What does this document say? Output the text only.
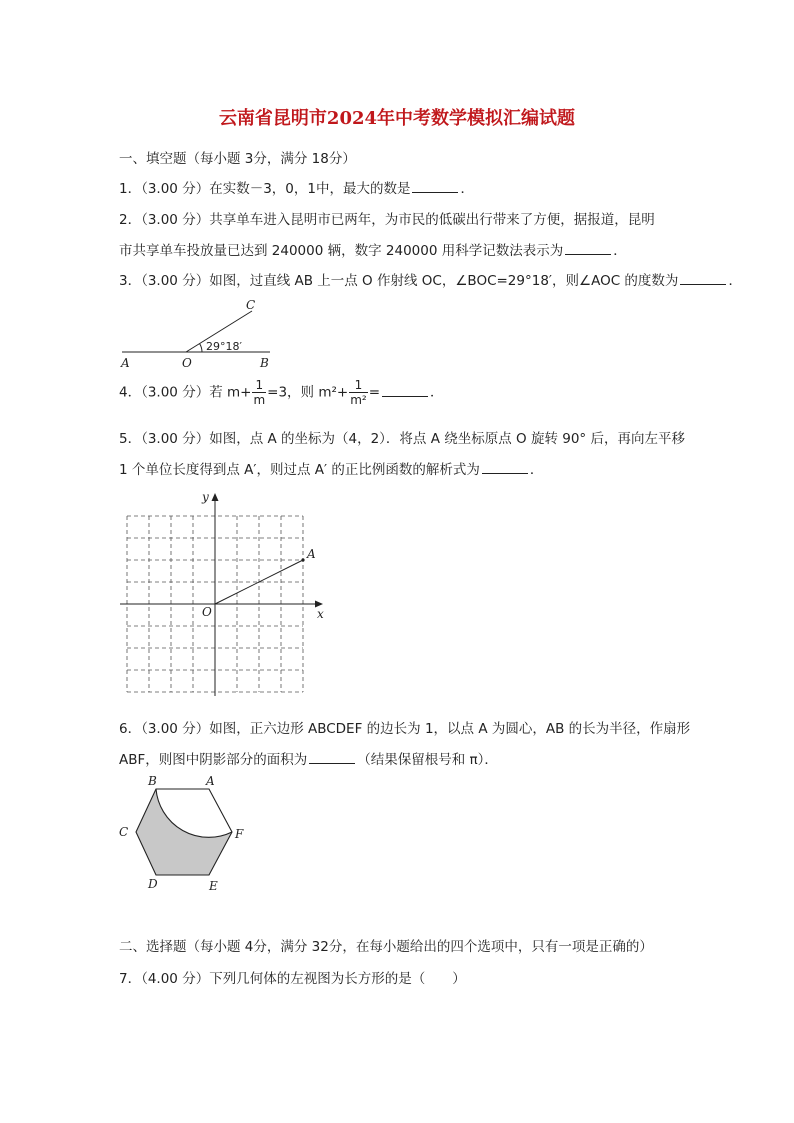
云南省昆明市2024年中考数学模拟汇编试题
一、填空题（每小题 3分，满分 18分）
1．（3.00 分）在实数－3，0，1中，最大的数是	．
2．（3.00 分）共享单车进入昆明市已两年，为市民的低碳出行带来了方便，据报道，昆明
市共享单车投放量已达到 240000 辆，数字 240000 用科学记数法表示为	．
3．（3.00 分）如图，过直线 AB 上一点 O 作射线 OC，∠BOC=29°18′，则∠AOC 的度数为	．
A	O	B
C
29°18′
4．（3.00 分）若 $m+ \frac{1}{m} =3$，则 $m^2+ \frac{1}{\text{m²}}$ =	．
5．（3.00 分）如图，点 A 的坐标为（4，2）．将点 A 绕坐标原点 O 旋转 90° 后，再向左平移
1 个单位长度得到点 A′，则过点 A′ 的正比例函数的解析式为	．
y
x
O
A
6．（3.00 分）如图，正六边形 ABCDEF 的边长为 1，以点 A 为圆心，AB 的长为半径，作扇形
ABF，则图中阴影部分的面积为	（结果保留根号和 π）．
B	A
C	F
D	E
二、选择题（每小题 4分，满分 32分，在每小题给出的四个选项中，只有一项是正确的）
7．（4.00 分）下列几何体的左视图为长方形的是（　　）
